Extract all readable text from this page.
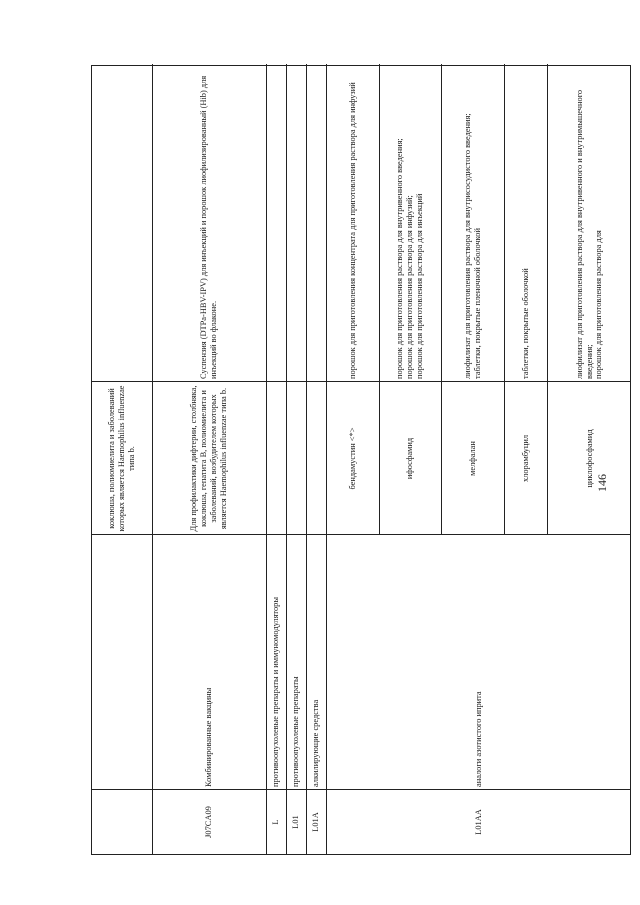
коклюша, полиомиелита и заболеваний которых является Haemophilus influenzae типа b.
J07CA09
Комбинированные вакцины
Для профилактики дифтерии, столбняка, коклюша, гепатита B, полиомиелита и заболеваний, возбудителем которых является Haemophilus influenzae типа b.
Суспензия (DTPa-HBV-IPV) для инъекций и порошок лиофилизированный (Hib) для инъекций во флаконе.
L
противоопухолевые препараты и иммуномодуляторы
L01
противоопухолевые препараты
L01A
алкилирующие средства
L01AA
аналоги азотистого иприта
бендамустин <*>
порошок для приготовления концентрата для приготовления раствора для инфузий
ифосфамид
порошок для приготовления раствора для внутривенного введения;
порошок для приготовления раствора для инфузий;
порошок для приготовления раствора для инъекций
мелфалан
лиофилизат для приготовления раствора для внутрисосудистого введения;
таблетки, покрытые пленочной оболочкой
хлорамбуцил
таблетки, покрытые оболочкой
циклофосфамид
лиофилизат для приготовления раствора для внутривенного и внутримышечного введения;
порошок для приготовления раствора для
146
